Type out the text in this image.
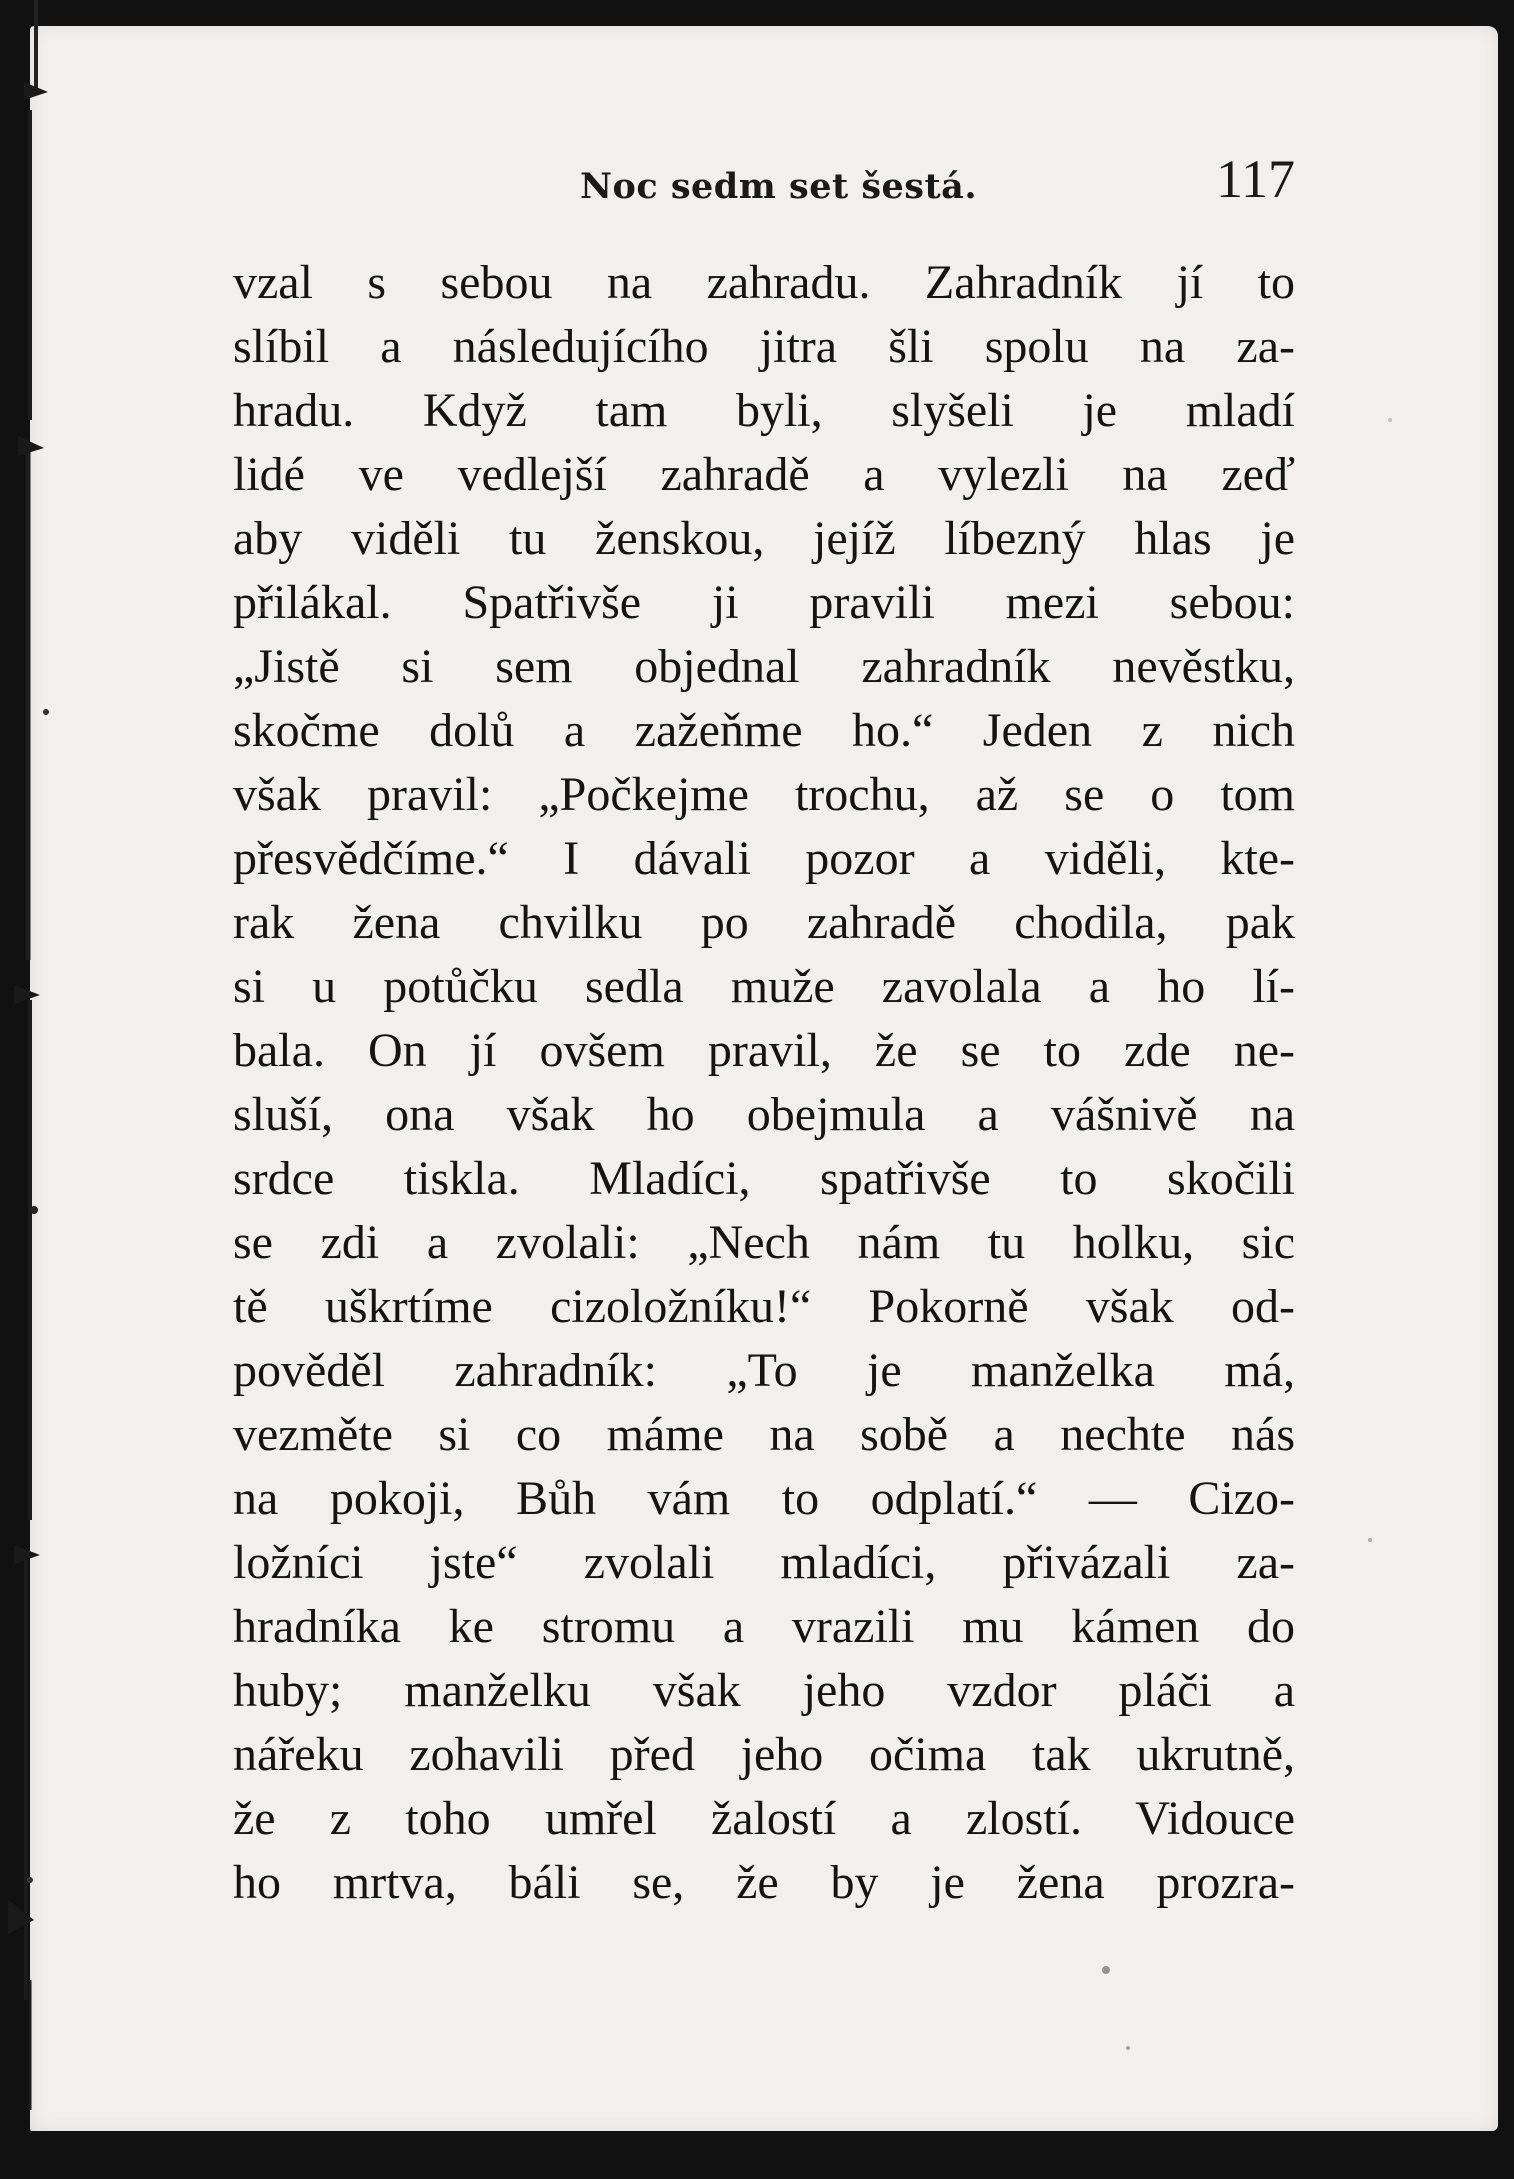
Noc sedm set šestá.	117
vzal s sebou na zahradu. Zahradník jí to
slíbil a následujícího jitra šli spolu na za-
hradu. Když tam byli, slyšeli je mladí
lidé ve vedlejší zahradě a vylezli na zeď
aby viděli tu ženskou, jejíž líbezný hlas je
přilákal. Spatřivše ji pravili mezi sebou:
„Jistě si sem objednal zahradník nevěstku,
skočme dolů a zažeňme ho.“ Jeden z nich
však pravil: „Počkejme trochu, až se o tom
přesvědčíme.“ I dávali pozor a viděli, kte-
rak žena chvilku po zahradě chodila, pak
si u potůčku sedla muže zavolala a ho lí-
bala. On jí ovšem pravil, že se to zde ne-
sluší, ona však ho obejmula a vášnivě na
srdce tiskla. Mladíci, spatřivše to skočili
se zdi a zvolali: „Nech nám tu holku, sic
tě uškrtíme cizoložníku!“ Pokorně však od-
pověděl zahradník: „To je manželka má,
vezměte si co máme na sobě a nechte nás
na pokoji, Bůh vám to odplatí.“ — Cizo-
ložníci jste“ zvolali mladíci, přivázali za-
hradníka ke stromu a vrazili mu kámen do
huby; manželku však jeho vzdor pláči a
nářeku zohavili před jeho očima tak ukrutně,
že z toho umřel žalostí a zlostí. Vidouce
ho mrtva, báli se, že by je žena prozra-
